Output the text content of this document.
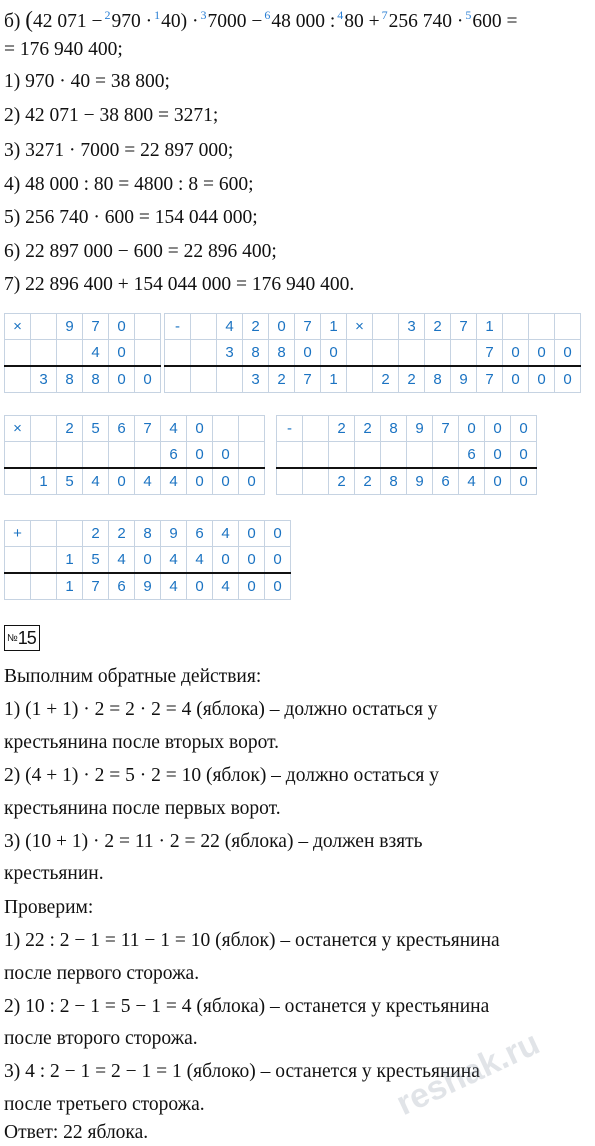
б) (42 071 − $^2$970 · $^1$40) · $^3$7000 − $^6$48 000 : $^4$80 + $^7$256 740 · $^5$600 =
= 176 940 400;
1) 970 · 40 = 38 800;
2) 42 071 − 38 800 = 3271;
3) 3271 · 7000 = 22 897 000;
4) 48 000 : 80 = 4800 : 8 = 600;
5) 256 740 · 600 = 154 044 000;
6) 22 897 000 − 600 = 22 896 400;
7) 22 896 400 + 154 044 000 = 176 940 400.
×		9	7	0	
			4	0	
	3	8	8	0	0
-		4	2	0	7	1
		3	8	8	0	0
			3	2	7	1
×		3	2	7	1			
					7	0	0	0
	2	2	8	9	7	0	0	0
×		2	5	6	7	4	0		
						6	0	0	
	1	5	4	0	4	4	0	0	0
-		2	2	8	9	7	0	0	0
							6	0	0
		2	2	8	9	6	4	0	0
+			2	2	8	9	6	4	0	0
		1	5	4	0	4	4	0	0	0
		1	7	6	9	4	0	4	0	0
№15
Выполним обратные действия:
1) (1 + 1) · 2 = 2 · 2 = 4 (яблока) – должно остаться у
крестьянина после вторых ворот.
2) (4 + 1) · 2 = 5 · 2 = 10 (яблок) – должно остаться у
крестьянина после первых ворот.
3) (10 + 1) · 2 = 11 · 2 = 22 (яблока) – должен взять
крестьянин.
Проверим:
1) 22 : 2 − 1 = 11 − 1 = 10 (яблок) – останется у крестьянина
после первого сторожа.
2) 10 : 2 − 1 = 5 − 1 = 4 (яблока) – останется у крестьянина
после второго сторожа.
3) 4 : 2 − 1 = 2 − 1 = 1 (яблоко) – останется у крестьянина
после третьего сторожа.
Ответ: 22 яблока.
reshak.ru
